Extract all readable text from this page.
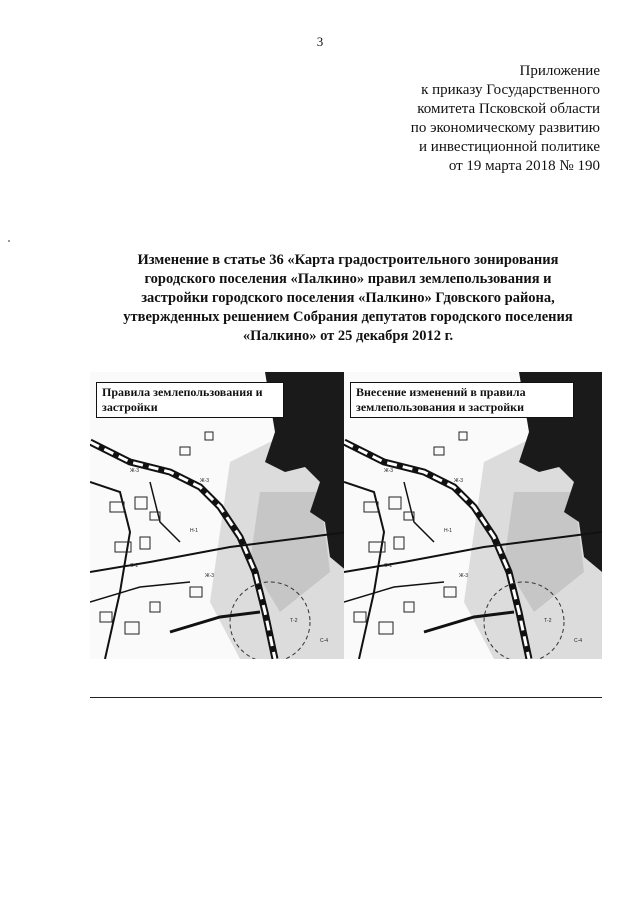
3
Приложение
к приказу Государственного
комитета Псковской области
по экономическому развитию
и инвестиционной политике
от 19 марта 2018 № 190
Изменение в статье 36 «Карта градостроительного зонирования
городского поселения «Палкино» правил землепользования и
застройки городского поселения «Палкино» Гдовского района,
утвержденных решением Собрания депутатов городского поселения
«Палкино» от 25 декабря 2012 г.
Ж-3
Ж-3
Н-1
О-2
Ж-3
Т-2
С-4
Правила землепользования и
застройки
Ж-3
Ж-3
Н-1
О-2
Ж-3
Т-2
С-4
Внесение изменений в правила
землепользования и застройки
